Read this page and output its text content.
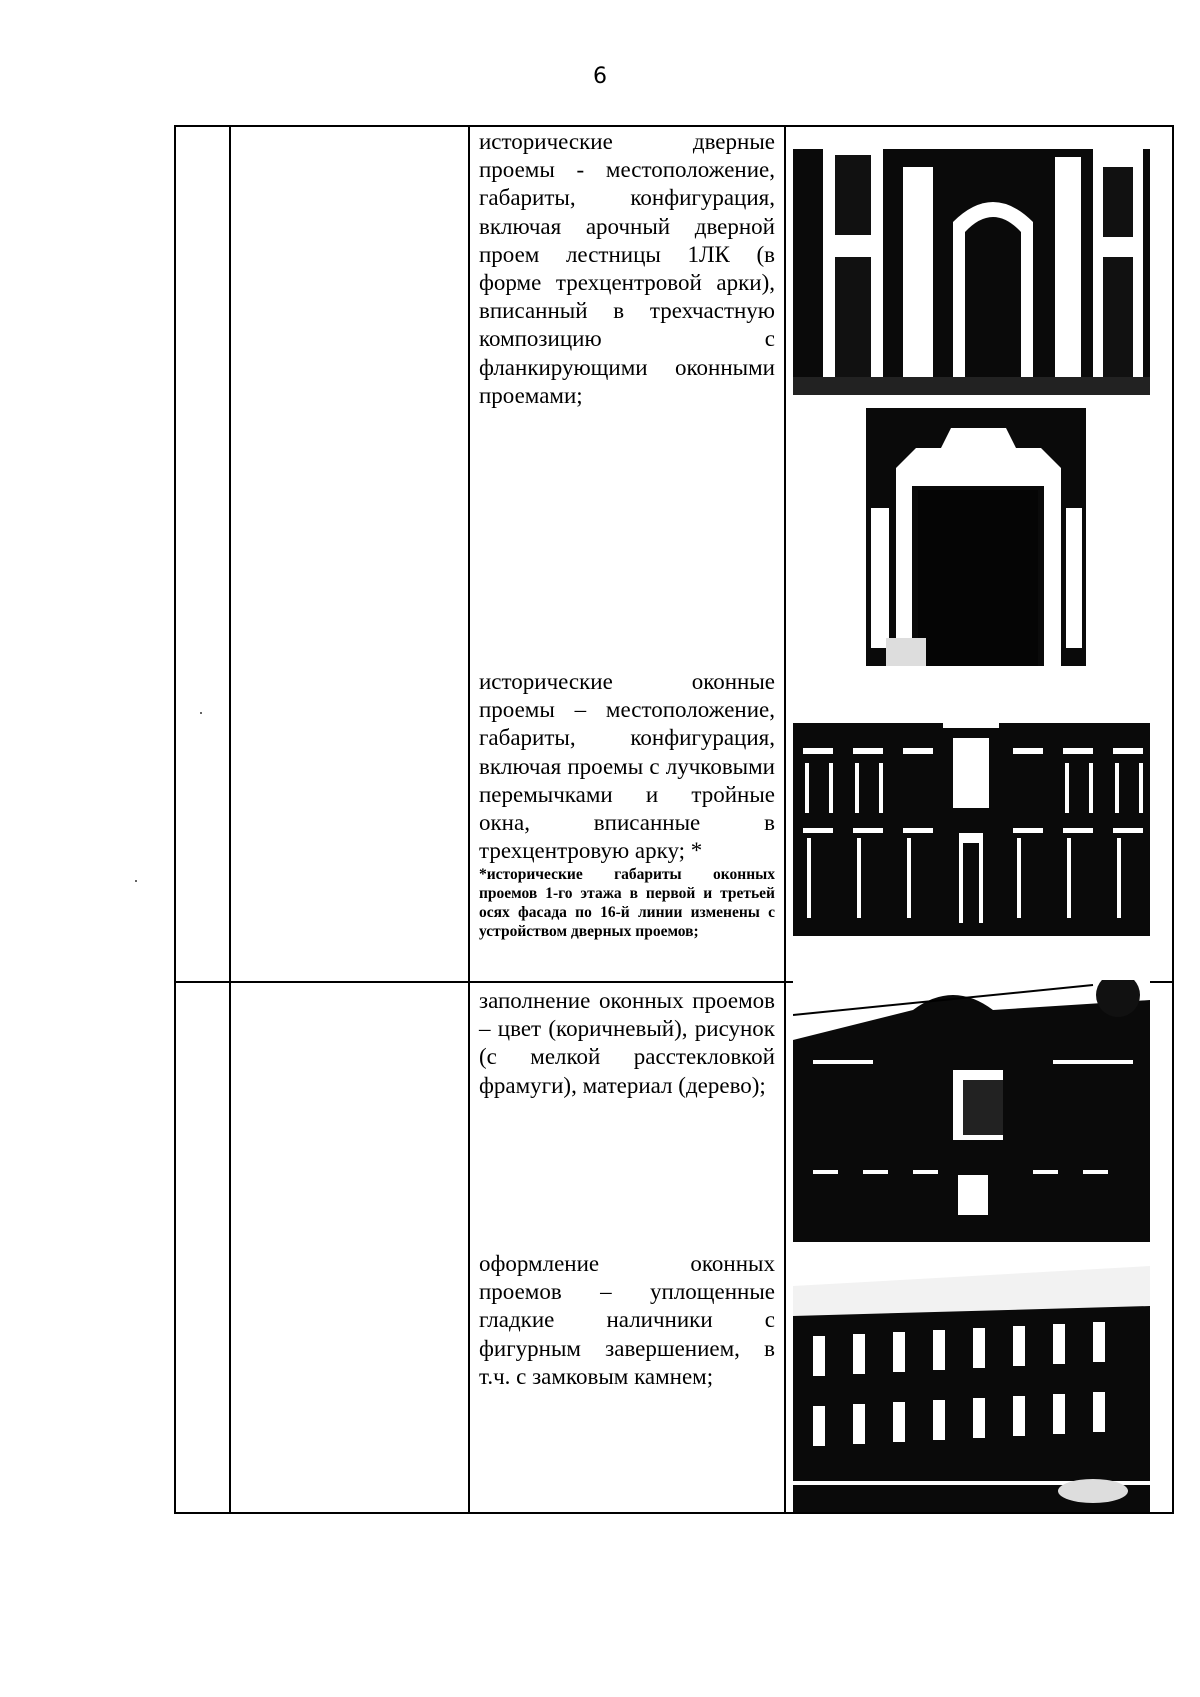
6

исторические дверные проемы - местоположение, габариты, конфигурация, включая арочный дверной проем лестницы 1ЛК (в форме трехцентровой арки), вписанный в трехчастную композицию с фланкирующими оконными проемами;

исторические оконные проемы – местоположение, габариты, конфигурация, включая проемы с лучковыми перемычками и тройные окна, вписанные в трехцентровую арку; *

*исторические габариты оконных проемов 1-го этажа в первой и третьей осях фасада по 16-й линии изменены с устройством дверных проемов;

заполнение оконных проемов – цвет (коричневый), рисунок (с мелкой расстекловкой фрамуги), материал (дерево);

оформление оконных проемов – уплощенные гладкие наличники с фигурным завершением, в т.ч. с замковым камнем;
